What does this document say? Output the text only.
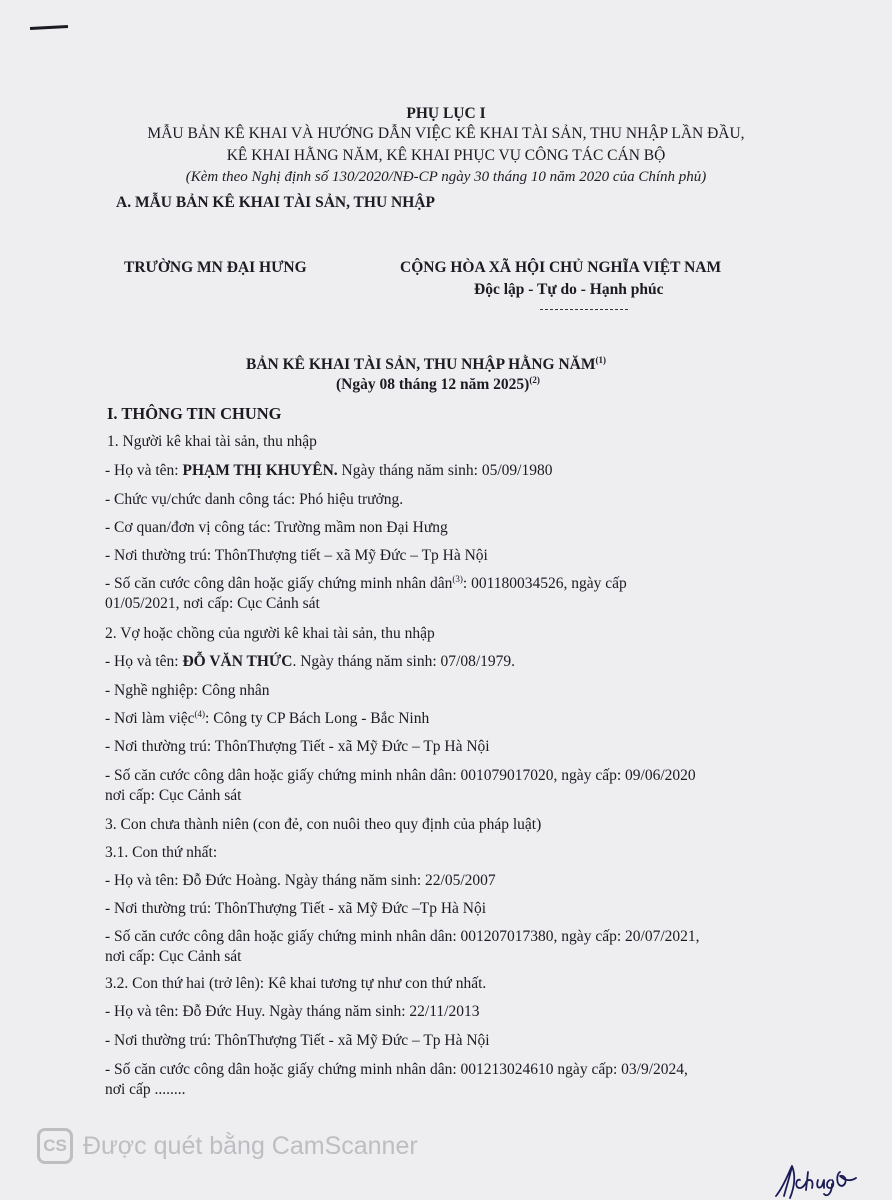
PHỤ LỤC I
MẪU BẢN KÊ KHAI VÀ HƯỚNG DẪN VIỆC KÊ KHAI TÀI SẢN, THU NHẬP LẦN ĐẦU,
KÊ KHAI HẰNG NĂM, KÊ KHAI PHỤC VỤ CÔNG TÁC CÁN BỘ
(Kèm theo Nghị định số 130/2020/NĐ-CP ngày 30 tháng 10 năm 2020 của Chính phủ)
A. MẪU BẢN KÊ KHAI TÀI SẢN, THU NHẬP
TRƯỜNG MN ĐẠI HƯNG	CỘNG HÒA XÃ HỘI CHỦ NGHĨA VIỆT NAM
Độc lập - Tự do - Hạnh phúc
BẢN KÊ KHAI TÀI SẢN, THU NHẬP HẰNG NĂM$^{(1)}$
(Ngày 08 tháng 12 năm 2025)$^{(2)}$
I. THÔNG TIN CHUNG
1. Người kê khai tài sản, thu nhập
- Họ và tên: PHẠM THỊ KHUYÊN. Ngày tháng năm sinh: 05/09/1980
- Chức vụ/chức danh công tác: Phó hiệu trưởng.
- Cơ quan/đơn vị công tác: Trường mầm non Đại Hưng
- Nơi thường trú: ThônThượng tiết – xã Mỹ Đức – Tp Hà Nội
- Số căn cước công dân hoặc giấy chứng minh nhân dân$^{(3)}$: 001180034526, ngày cấp
01/05/2021, nơi cấp: Cục Cảnh sát
2. Vợ hoặc chồng của người kê khai tài sản, thu nhập
- Họ và tên: ĐỖ VĂN THỨC. Ngày tháng năm sinh: 07/08/1979.
- Nghề nghiệp: Công nhân
- Nơi làm việc$^{(4)}$: Công ty CP Bách Long - Bắc Ninh
- Nơi thường trú: ThônThượng Tiết - xã Mỹ Đức – Tp Hà Nội
- Số căn cước công dân hoặc giấy chứng minh nhân dân: 001079017020, ngày cấp: 09/06/2020
nơi cấp: Cục Cảnh sát
3. Con chưa thành niên (con đẻ, con nuôi theo quy định của pháp luật)
3.1. Con thứ nhất:
- Họ và tên: Đỗ Đức Hoàng. Ngày tháng năm sinh: 22/05/2007
- Nơi thường trú: ThônThượng Tiết - xã Mỹ Đức –Tp Hà Nội
- Số căn cước công dân hoặc giấy chứng minh nhân dân: 001207017380, ngày cấp: 20/07/2021,
nơi cấp: Cục Cảnh sát
3.2. Con thứ hai (trở lên): Kê khai tương tự như con thứ nhất.
- Họ và tên: Đỗ Đức Huy. Ngày tháng năm sinh: 22/11/2013
- Nơi thường trú: ThônThượng Tiết - xã Mỹ Đức – Tp Hà Nội
- Số căn cước công dân hoặc giấy chứng minh nhân dân: 001213024610 ngày cấp: 03/9/2024,
nơi cấp ........
CS Được quét bằng CamScanner
